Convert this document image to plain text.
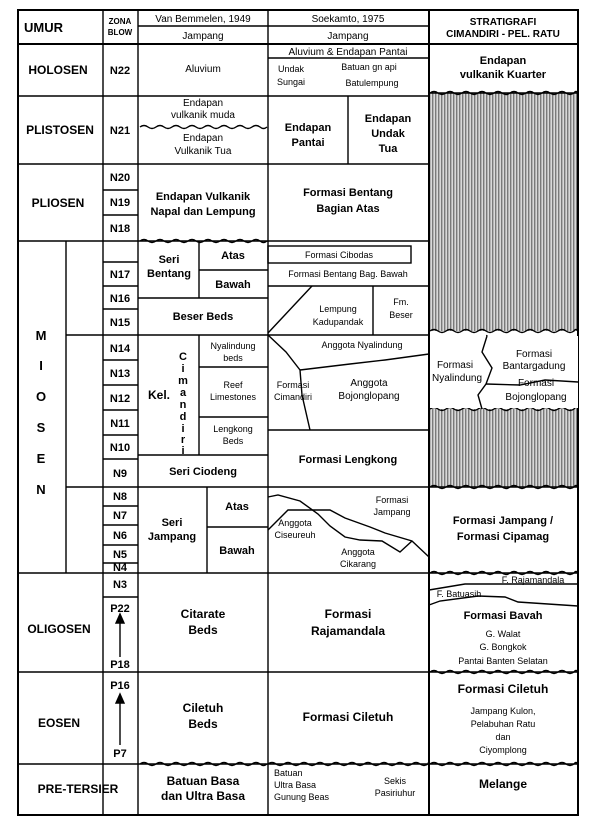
UMUR	ZONA
BLOW
Van Bemmelen, 1949
Jampang
Soekamto, 1975
Jampang
STRATIGRAFI
CIMANDIRI - PEL. RATU
HOLOSEN
PLISTOSEN
PLIOSEN
M
I
O
S
E
N
OLIGOSEN
EOSEN
PRE-TERSIER
N22
N21
N20
N19
N18
N17
N16
N15
N14
N13
N12
N11
N10
N9
N8
N7
N6
N5
N4
N3
P22
P18
P16
P7
Aluvium
Endapan
vulkanik muda
Endapan
Vulkanik Tua
Endapan Vulkanik
Napal dan Lempung
Seri
Bentang
Atas
Bawah
Beser Beds
Kel.
C
i
m
a
n
d
i
r
i
Nyalindung
beds
Reef
Limestones
Lengkong
Beds
Seri Ciodeng
Seri
Jampang
Atas
Bawah
Citarate
Beds
Ciletuh
Beds
Batuan Basa
dan Ultra Basa
Aluvium & Endapan Pantai
Undak
Sungai
Batuan gn api
Batulempung
Endapan
Pantai
Endapan
Undak
Tua
Formasi Bentang
Bagian Atas
Formasi Cibodas
Formasi Bentang Bag. Bawah
Lempung
Kadupandak
Fm.
Beser
Anggota Nyalindung
Formasi
Cimandiri
Anggota
Bojonglopang
Formasi Lengkong
Formasi
Jampang
Anggota
Ciseureuh
Anggota
Cikarang
Formasi
Rajamandala
Formasi Ciletuh
Batuan
Ultra Basa
Gunung Beas
Sekis
Pasiriuhur
Endapan
vulkanik Kuarter
Formasi
Nyalindung
Formasi
Bantargadung
Formasi
Bojonglopang
Formasi Jampang /
Formasi Cipamag
F. Rajamandala
F. Batuasih
Formasi Bavah
G. Walat
G. Bongkok
Pantai Banten Selatan
Formasi Ciletuh
Jampang Kulon,
Pelabuhan Ratu
dan
Ciyomplong
Melange
